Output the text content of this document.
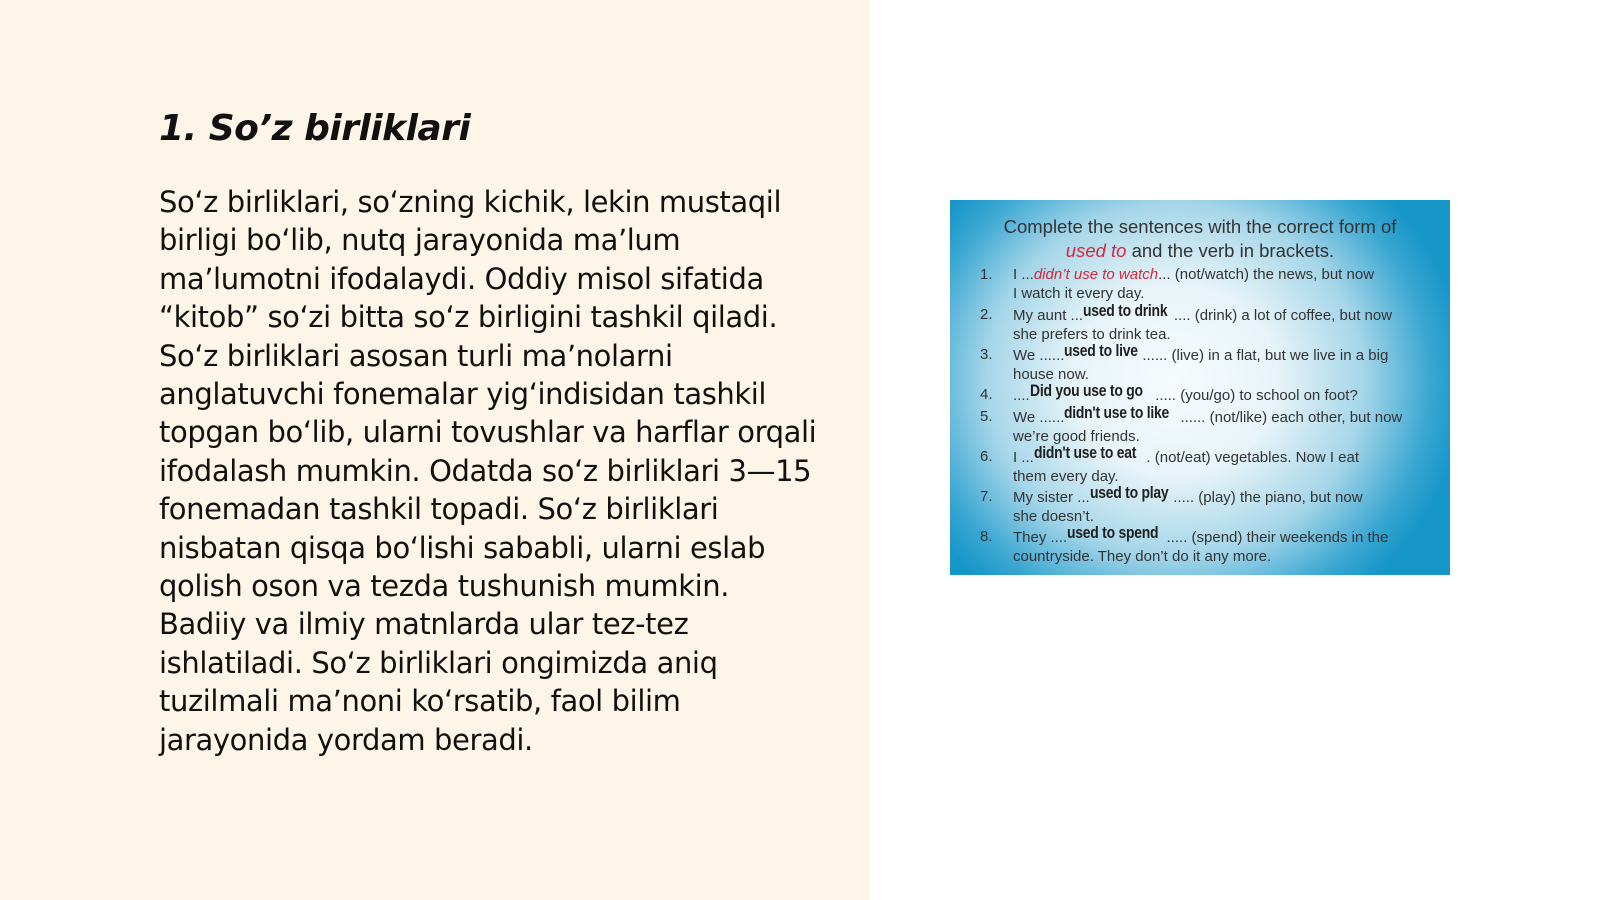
1. So’z birliklari

So‘z birliklari, so‘zning kichik, lekin mustaqil birligi bo‘lib, nutq jarayonida ma’lum ma’lumotni ifodalaydi. Oddiy misol sifatida “kitob” so‘zi bitta so‘z birligini tashkil qiladi. So‘z birliklari asosan turli ma’nolarni anglatuvchi fonemalar yig‘indisidan tashkil topgan bo‘lib, ularni tovushlar va harflar orqali ifodalash mumkin. Odatda so‘z birliklari 3—15 fonemadan tashkil topadi. So‘z birliklari nisbatan qisqa bo‘lishi sababli, ularni eslab qolish oson va tezda tushunish mumkin. Badiiy va ilmiy matnlarda ular tez-tez ishlatiladi. So‘z birliklari ongimizda aniq tuzilmali ma’noni ko‘rsatib, faol bilim jarayonida yordam beradi.

Complete the sentences with the correct form of
used to and the verb in brackets.
1. I ...didn’t use to watch... (not/watch) the news, but now
I watch it every day.
2. My aunt ...used to drink .... (drink) a lot of coffee, but now
she prefers to drink tea.
3. We ......used to live ...... (live) in a flat, but we live in a big
house now.
4. ....Did you use to go ..... (you/go) to school on foot?
5. We ......didn't use to like ...... (not/like) each other, but now
we’re good friends.
6. I ...didn't use to eat . (not/eat) vegetables. Now I eat
them every day.
7. My sister ...used to play ..... (play) the piano, but now
she doesn’t.
8. They ....used to spend ..... (spend) their weekends in the
countryside. They don’t do it any more.
